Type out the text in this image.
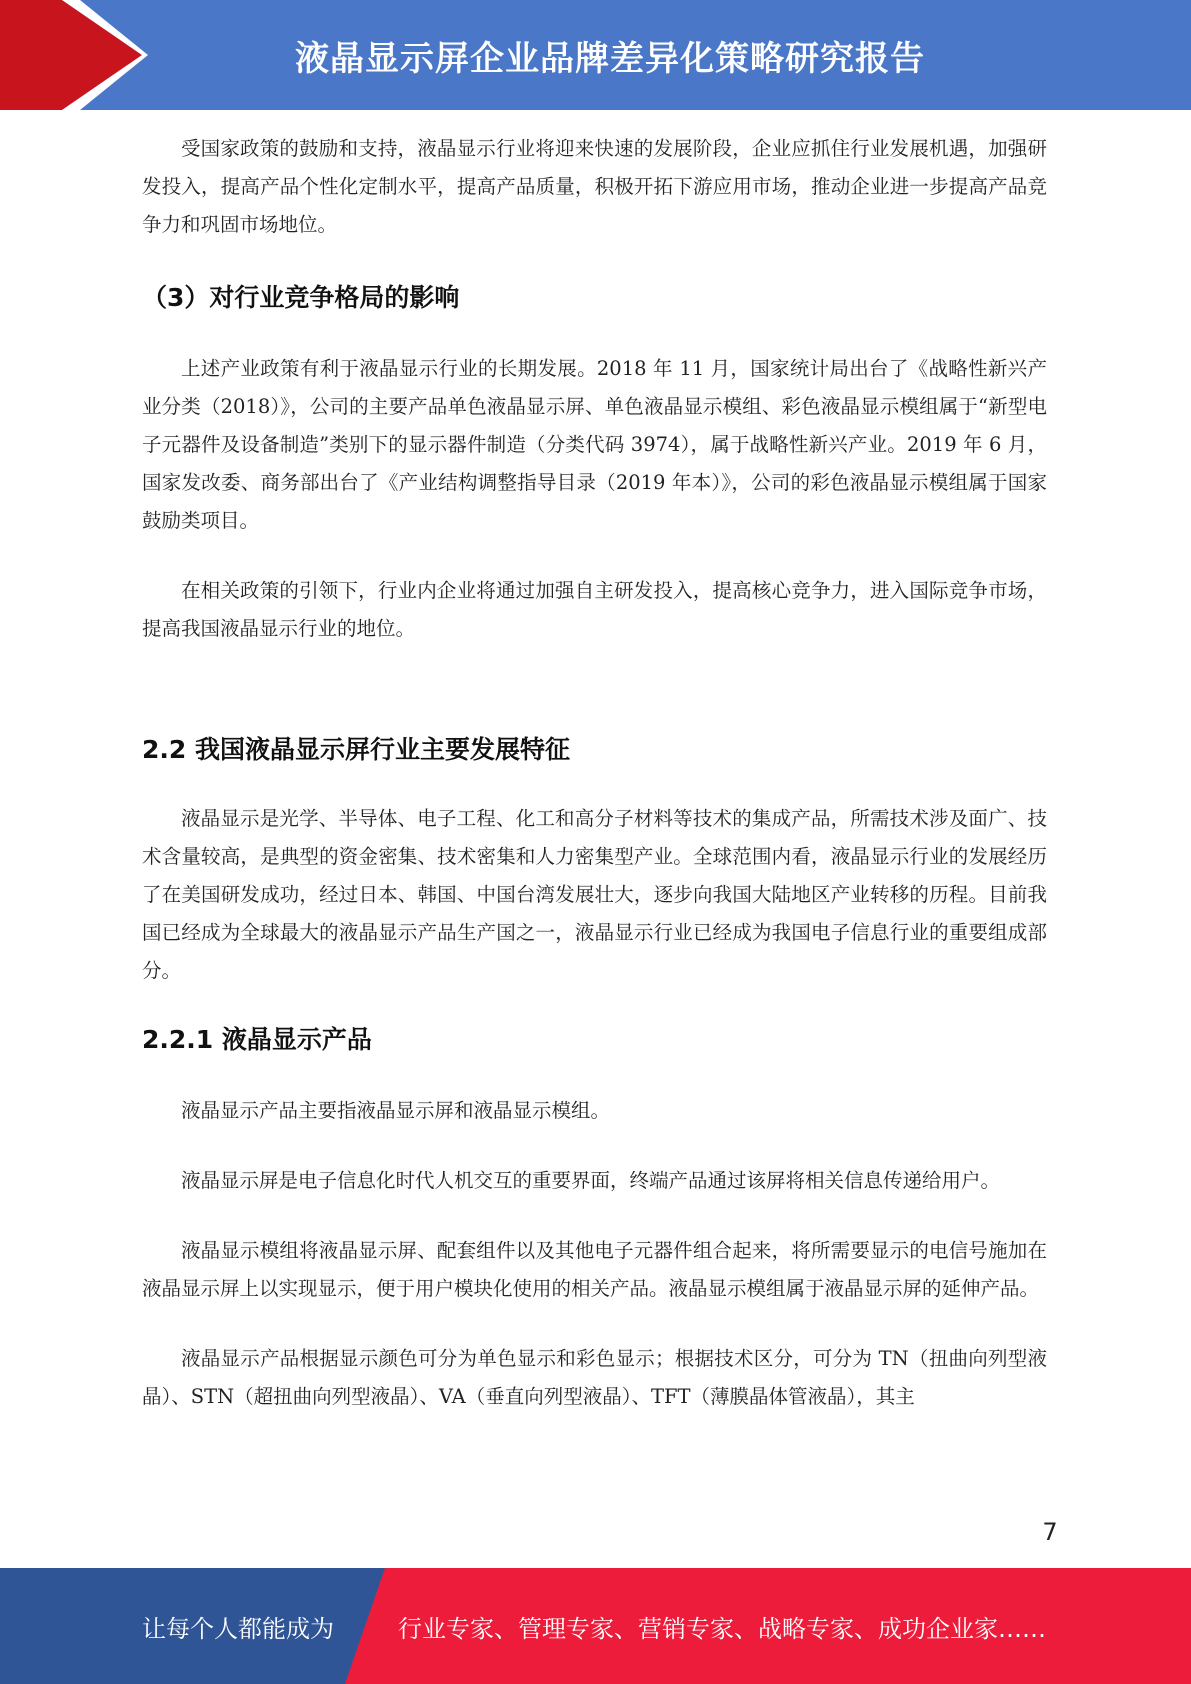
液晶显示屏企业品牌差异化策略研究报告

受国家政策的鼓励和支持，液晶显示行业将迎来快速的发展阶段，企业应抓住行业发展机遇，加强研发投入，提高产品个性化定制水平，提高产品质量，积极开拓下游应用市场，推动企业进一步提高产品竞争力和巩固市场地位。

（3）对行业竞争格局的影响

上述产业政策有利于液晶显示行业的长期发展。2018 年 11 月，国家统计局出台了《战略性新兴产业分类（2018）》，公司的主要产品单色液晶显示屏、单色液晶显示模组、彩色液晶显示模组属于“新型电子元器件及设备制造”类别下的显示器件制造（分类代码 3974），属于战略性新兴产业。2019 年 6 月，国家发改委、商务部出台了《产业结构调整指导目录（2019 年本）》，公司的彩色液晶显示模组属于国家鼓励类项目。

在相关政策的引领下，行业内企业将通过加强自主研发投入，提高核心竞争力，进入国际竞争市场，提高我国液晶显示行业的地位。

2.2 我国液晶显示屏行业主要发展特征

液晶显示是光学、半导体、电子工程、化工和高分子材料等技术的集成产品，所需技术涉及面广、技术含量较高，是典型的资金密集、技术密集和人力密集型产业。全球范围内看，液晶显示行业的发展经历了在美国研发成功，经过日本、韩国、中国台湾发展壮大，逐步向我国大陆地区产业转移的历程。目前我国已经成为全球最大的液晶显示产品生产国之一，液晶显示行业已经成为我国电子信息行业的重要组成部分。

2.2.1 液晶显示产品

液晶显示产品主要指液晶显示屏和液晶显示模组。

液晶显示屏是电子信息化时代人机交互的重要界面，终端产品通过该屏将相关信息传递给用户。

液晶显示模组将液晶显示屏、配套组件以及其他电子元器件组合起来，将所需要显示的电信号施加在液晶显示屏上以实现显示，便于用户模块化使用的相关产品。液晶显示模组属于液晶显示屏的延伸产品。

液晶显示产品根据显示颜色可分为单色显示和彩色显示；根据技术区分，可分为 TN（扭曲向列型液晶）、STN（超扭曲向列型液晶）、VA（垂直向列型液晶）、TFT（薄膜晶体管液晶），其主

7
让每个人都能成为	行业专家、管理专家、营销专家、战略专家、成功企业家……
